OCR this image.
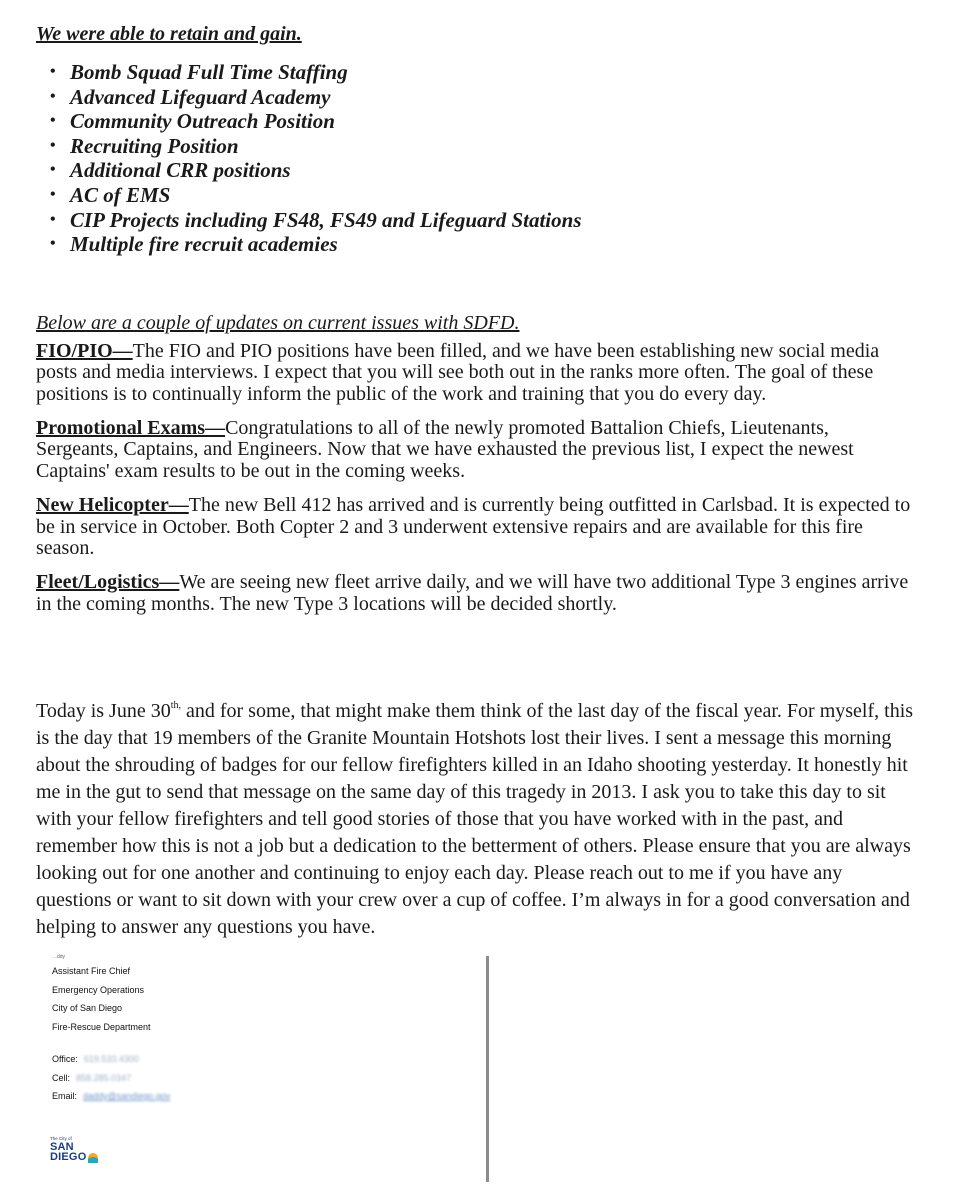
We were able to retain and gain.
• Bomb Squad Full Time Staffing
• Advanced Lifeguard Academy
• Community Outreach Position
• Recruiting Position
• Additional CRR positions
• AC of EMS
• CIP Projects including FS48, FS49 and Lifeguard Stations
• Multiple fire recruit academies
Below are a couple of updates on current issues with SDFD.

FIO/PIO—The FIO and PIO positions have been filled, and we have been establishing new social media posts and media interviews. I expect that you will see both out in the ranks more often. The goal of these positions is to continually inform the public of the work and training that you do every day.

Promotional Exams—Congratulations to all of the newly promoted Battalion Chiefs, Lieutenants, Sergeants, Captains, and Engineers. Now that we have exhausted the previous list, I expect the newest Captains' exam results to be out in the coming weeks.

New Helicopter—The new Bell 412 has arrived and is currently being outfitted in Carlsbad. It is expected to be in service in October. Both Copter 2 and 3 underwent extensive repairs and are available for this fire season.

Fleet/Logistics—We are seeing new fleet arrive daily, and we will have two additional Type 3 engines arrive in the coming months. The new Type 3 locations will be decided shortly.

Today is June $30^{th,}$ and for some, that might make them think of the last day of the fiscal year. For myself, this is the day that 19 members of the Granite Mountain Hotshots lost their lives. I sent a message this morning about the shrouding of badges for our fellow firefighters killed in an Idaho shooting yesterday. It honestly hit me in the gut to send that message on the same day of this tragedy in 2013. I ask you to take this day to sit with your fellow firefighters and tell good stories of those that you have worked with in the past, and remember how this is not a job but a dedication to the betterment of others. Please ensure that you are always looking out for one another and continuing to enjoy each day. Please reach out to me if you have any questions or want to sit down with your crew over a cup of coffee. I’m always in for a good conversation and helping to answer any questions you have.
…ddy
Assistant Fire Chief
Emergency Operations
City of San Diego
Fire-Rescue Department
Office: 619.533.4300
Cell: 858.285.0347
Email: daddy@sandiego.gov
The City of
SAN
DIEGO
